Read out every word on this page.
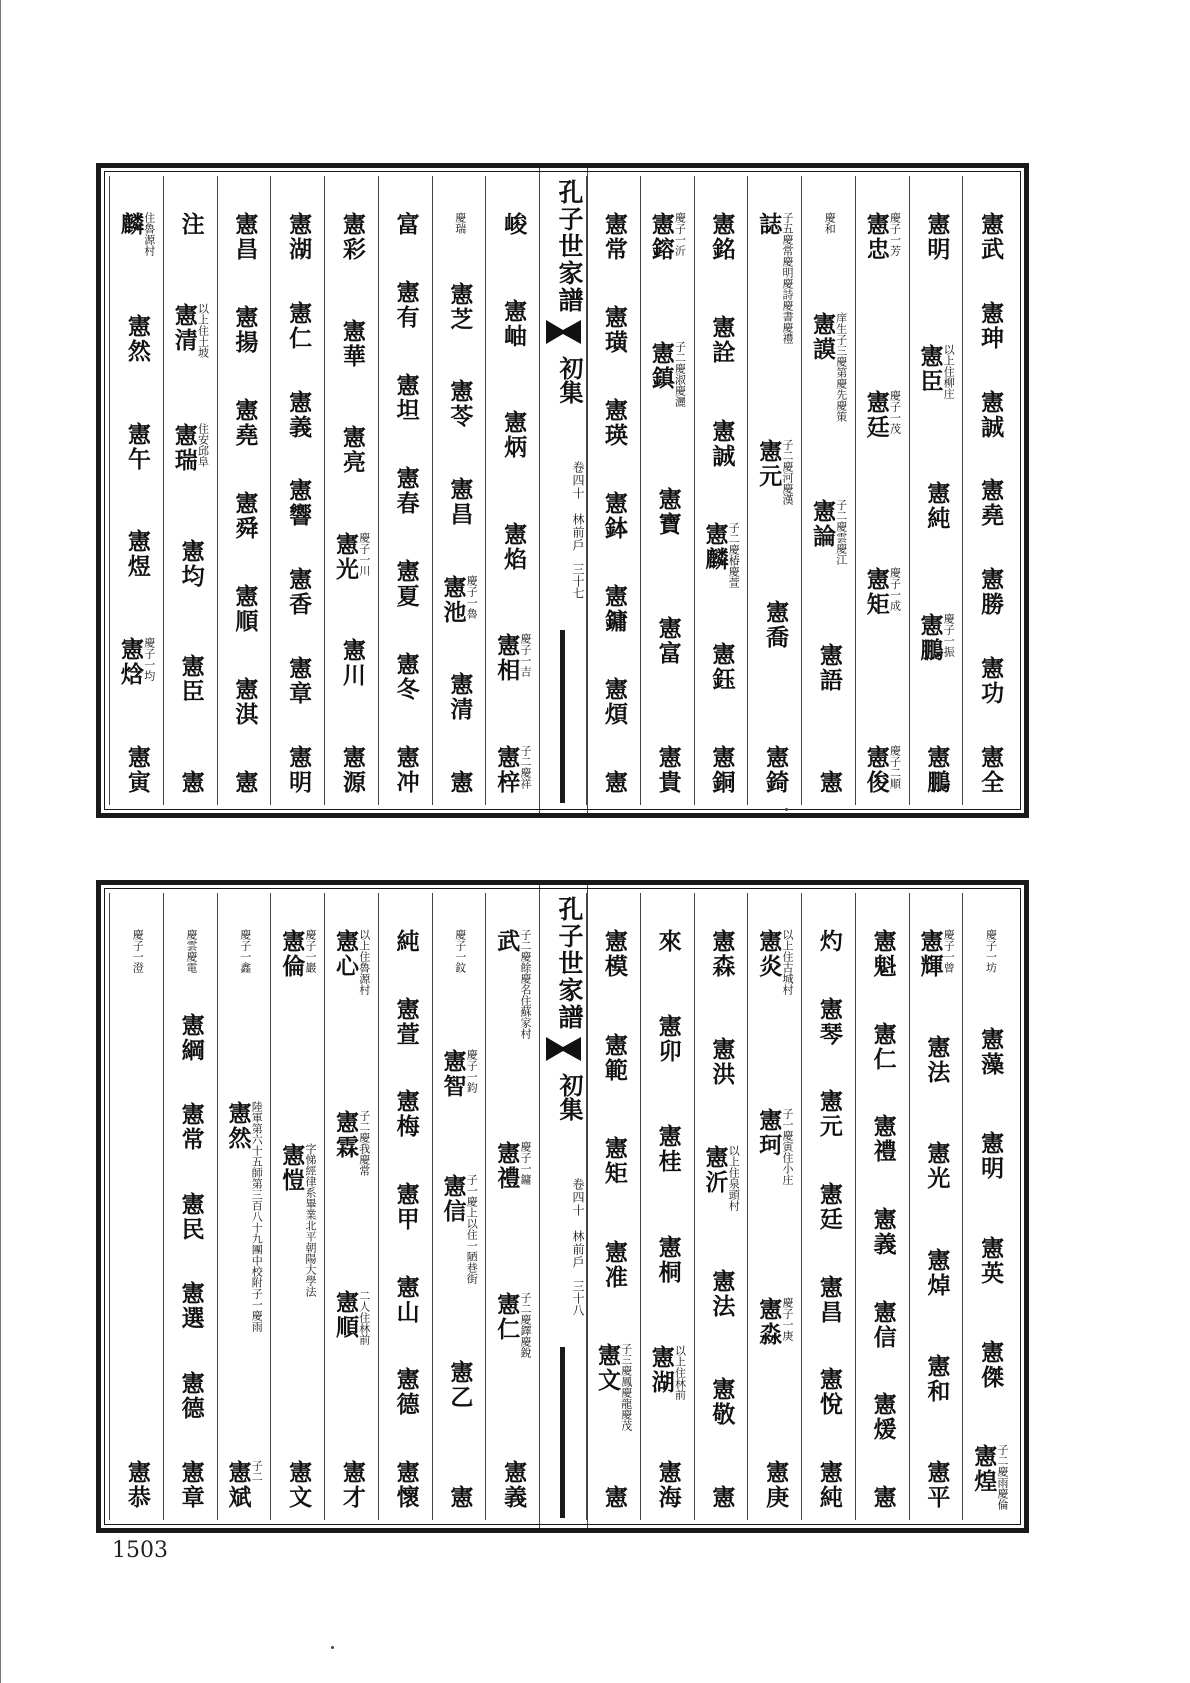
憲武
憲珅
憲誠
憲堯
憲勝
憲功
憲全
憲明
憲臣 以上住柳庄
憲純
憲鵬 慶子一振
憲鵬
憲忠 慶子一芳
憲廷 慶子一茂
憲矩 慶子一成
憲俊 慶子二順
慶和
憲謨 庠生子三慶第慶先慶策
憲論 子二慶雲慶江
憲語
憲
誌 子五慶常慶明慶詩慶書慶禮
憲元 子二慶河慶漢
憲喬
憲錡
憲銘
憲詮
憲誠
憲麟 子二慶椿慶萱
憲鈺
憲銅
憲鎔 慶子一沂
憲鎮 子二慶淑慶灑
憲寶
憲富
憲貴
憲常
憲璜
憲瑛
憲鉢
憲鏞
憲煩
憲
孔子世家譜
初集
卷四十　林前戶
三十七
峻
憲岫
憲炳
憲焰
憲相 慶子一吉
憲梓 子二慶祥
慶瑞
憲芝
憲苓
憲昌
憲池 慶子一魯
憲清
憲
富
憲有
憲坦
憲春
憲夏
憲冬
憲冲
憲彩
憲華
憲亮
憲光 慶子一川
憲川
憲源
憲湖
憲仁
憲義
憲響
憲香
憲章
憲明
憲昌
憲揚
憲堯
憲舜
憲順
憲淇
憲
注
憲清 以上住土坡
憲瑞 住安邱阜
憲均
憲臣
憲
麟 住魯源村
憲然
憲午
憲煜
憲焓 慶子一均
憲寅
慶子一坊
憲藻
憲明
憲英
憲傑
憲煌 子二慶雨慶倫
憲輝 慶子一曾
憲法
憲光
憲焯
憲和
憲平
憲魁
憲仁
憲禮
憲義
憲信
憲煖
憲
灼
憲琴
憲元
憲廷
憲昌
憲悅
憲純
憲炎 以上住古城村
憲珂 子一慶寅住小庄
憲淼 慶子一庚
憲庚
憲森
憲洪
憲沂 以上住泉頭村
憲法
憲敬
憲
來
憲卯
憲桂
憲桐
憲湖 以上住林前
憲海
憲模
憲範
憲矩
憲准
憲文 子三慶鳳慶龍慶茂
憲
孔子世家譜
初集
卷四十　林前戶
三十八
武 子二慶餘慶名住蘇家村
憲禮 慶子一鏞
憲仁 子二慶鐸慶銳
憲義
慶子一鈫
憲智 慶子一鈞
憲信 子一慶上以住一陋巷街
憲乙
憲
純
憲萱
憲梅
憲甲
憲山
憲德
憲懷
憲心 以上住魯源村
憲霖 子二慶我慶常
憲順 二人住林前
憲才
憲倫 慶子一巖
憲愷 字悌經律系畢業北平朝陽大學法
憲文
慶子一鑫
憲然 陸軍第六十五師第三百八十九團中校附子一慶雨
憲斌 子二
慶雲慶電
憲綱
憲常
憲民
憲選
憲德
憲章
慶子一澄
憲恭
1503
